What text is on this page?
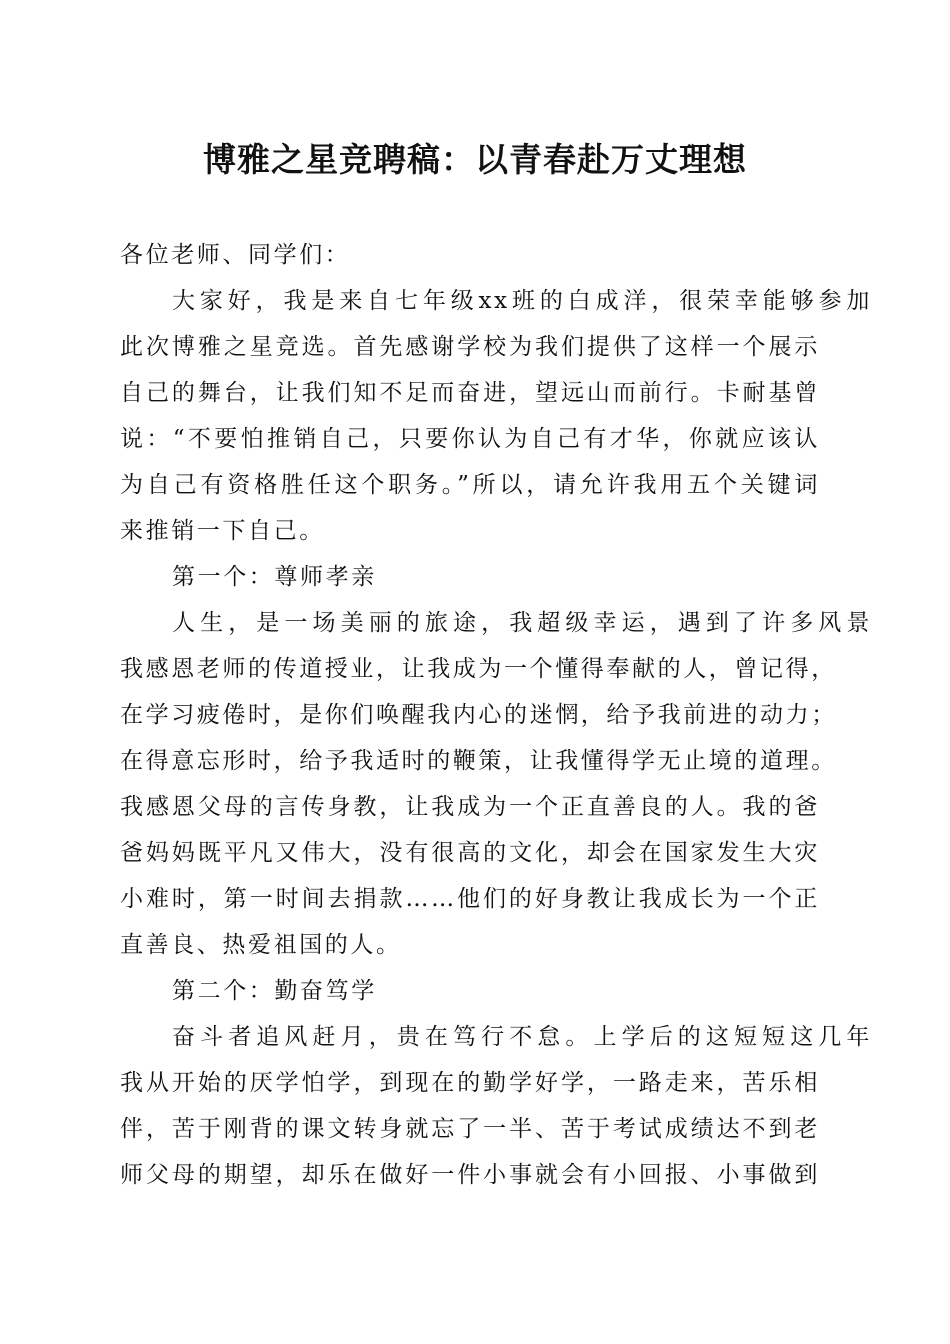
博雅之星竞聘稿：以青春赴万丈理想
各位老师、同学们：
大家好，我是来自七年级xx班的白成洋，很荣幸能够参加
此次博雅之星竞选。首先感谢学校为我们提供了这样一个展示
自己的舞台，让我们知不足而奋进，望远山而前行。卡耐基曾
说：“不要怕推销自己，只要你认为自己有才华，你就应该认
为自己有资格胜任这个职务。”所以，请允许我用五个关键词
来推销一下自己。
第一个：尊师孝亲
人生，是一场美丽的旅途，我超级幸运，遇到了许多风景
我感恩老师的传道授业，让我成为一个懂得奉献的人，曾记得，
在学习疲倦时，是你们唤醒我内心的迷惘，给予我前进的动力；
在得意忘形时，给予我适时的鞭策，让我懂得学无止境的道理。
我感恩父母的言传身教，让我成为一个正直善良的人。我的爸
爸妈妈既平凡又伟大，没有很高的文化，却会在国家发生大灾
小难时，第一时间去捐款……他们的好身教让我成长为一个正
直善良、热爱祖国的人。
第二个：勤奋笃学
奋斗者追风赶月，贵在笃行不怠。上学后的这短短这几年
我从开始的厌学怕学，到现在的勤学好学，一路走来，苦乐相
伴，苦于刚背的课文转身就忘了一半、苦于考试成绩达不到老
师父母的期望，却乐在做好一件小事就会有小回报、小事做到
